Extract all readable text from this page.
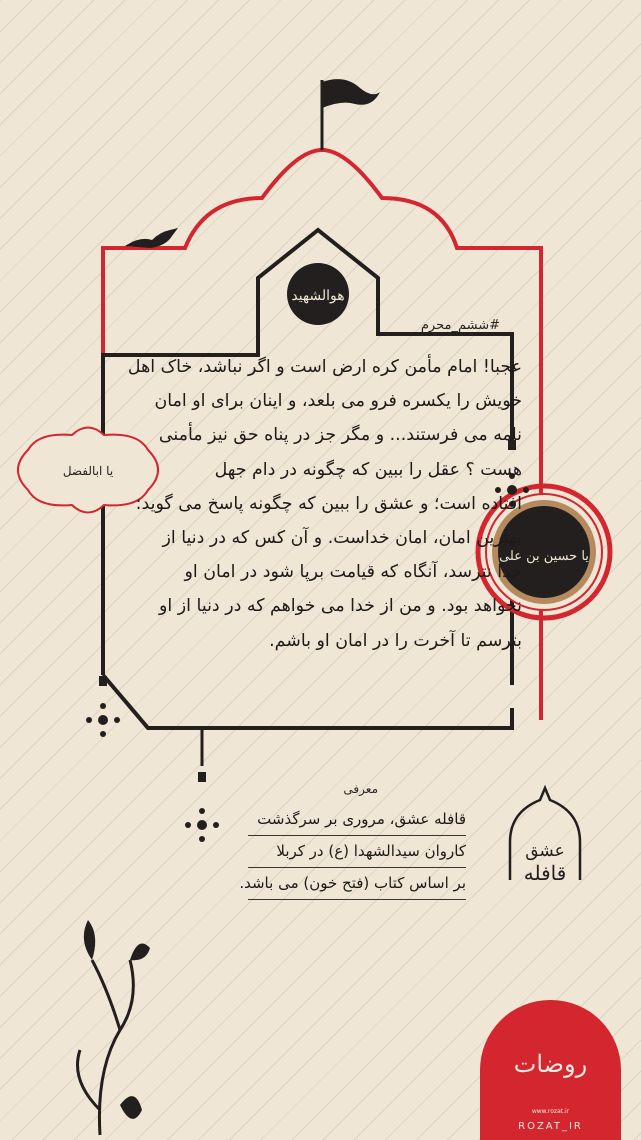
هوالشهید
یا حسین بن علی
یا ابالفضل
قافله
عشق
#ششم_محرم
عجبا! امام مأمن کره ارض است و اگر نباشد، خاک اهل
خویش را یکسره فرو می بلعد، و اینان برای او امان
نامه می فرستند... و مگر جز در پناه حق نیز مأمنی
هست ؟ عقل را ببین که چگونه در دام جهل
افتاده است؛ و عشق را ببین که چگونه پاسخ می گوید:
بهترین امان، امان خداست. و آن کس که در دنیا از
خدا نترسد، آنگاه که قیامت برپا شود در امان او
نخواهد بود. و من از خدا می خواهم که در دنیا از او
بترسم تا آخرت را در امان او باشم.
معرفی
قافله عشق، مروری بر سرگذشت
کاروان سیدالشهدا (ع) در کربلا
بر اساس کتاب (فتح خون) می باشد.
روضات
www.rozat.ir
ROZAT_IR
